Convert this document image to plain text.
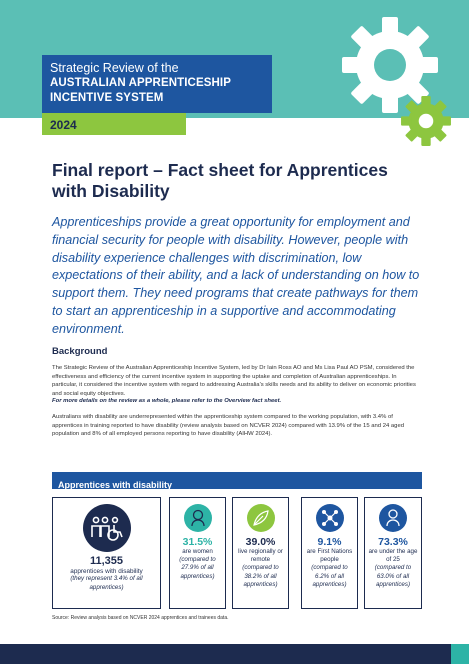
Strategic Review of the
AUSTRALIAN APPRENTICESHIP
INCENTIVE SYSTEM
2024
Final report – Fact sheet for Apprentices with Disability

Apprenticeships provide a great opportunity for employment and financial security for people with disability. However, people with disability experience challenges with discrimination, low expectations of their ability, and a lack of understanding on how to support them. They need programs that create pathways for them to start an apprenticeship in a supportive and accommodating environment.

Background

The Strategic Review of the Australian Apprenticeship Incentive System, led by Dr Iain Ross AO and Ms Lisa Paul AO PSM, considered the effectiveness and efficiency of the current incentive system in supporting the uptake and completion of Australian apprenticeships. In particular, it considered the incentive system with regard to addressing Australia's skills needs and its ability to deliver on economic priorities and social equity objectives.

For more details on the review as a whole, please refer to the Overview fact sheet.

Australians with disability are underrepresented within the apprenticeship system compared to the working population, with 3.4% of apprentices in training reported to have disability (review analysis based on NCVER 2024) compared with 13.9% of the 15 and 24 aged population and 8% of all employed persons reporting to have disability (AIHW 2024).

Apprentices with disability
11,355
apprentices with disability
(they represent 3.4% of all apprentices)
31.5%
are women
(compared to 27.9% of all apprentices)
39.0%
live regionally or remote
(compared to 38.2% of all apprentices)
9.1%
are First Nations people
(compared to 6.2% of all apprentices)
73.3%
are under the age of 25
(compared to 63.0% of all apprentices)
Source: Review analysis based on NCVER 2024 apprentices and trainees data.
